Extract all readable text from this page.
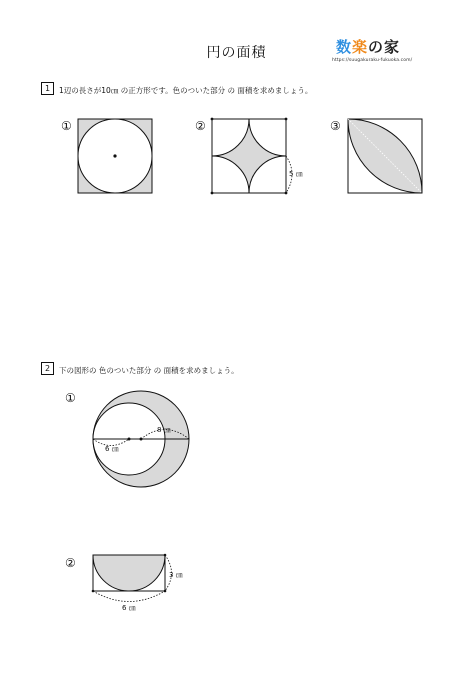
円の面積	数楽の家
https://suugakuraku-fukuoka.com/
1	1辺の長さが10㎝ の正方形です。色のついた部分 の 面積を求めましょう。
①	②	③
5 ㎝
2	下の図形の 色のついた部分 の 面積を求めましょう。
①
8 ㎝
6 ㎝
②
3 ㎝
6 ㎝
